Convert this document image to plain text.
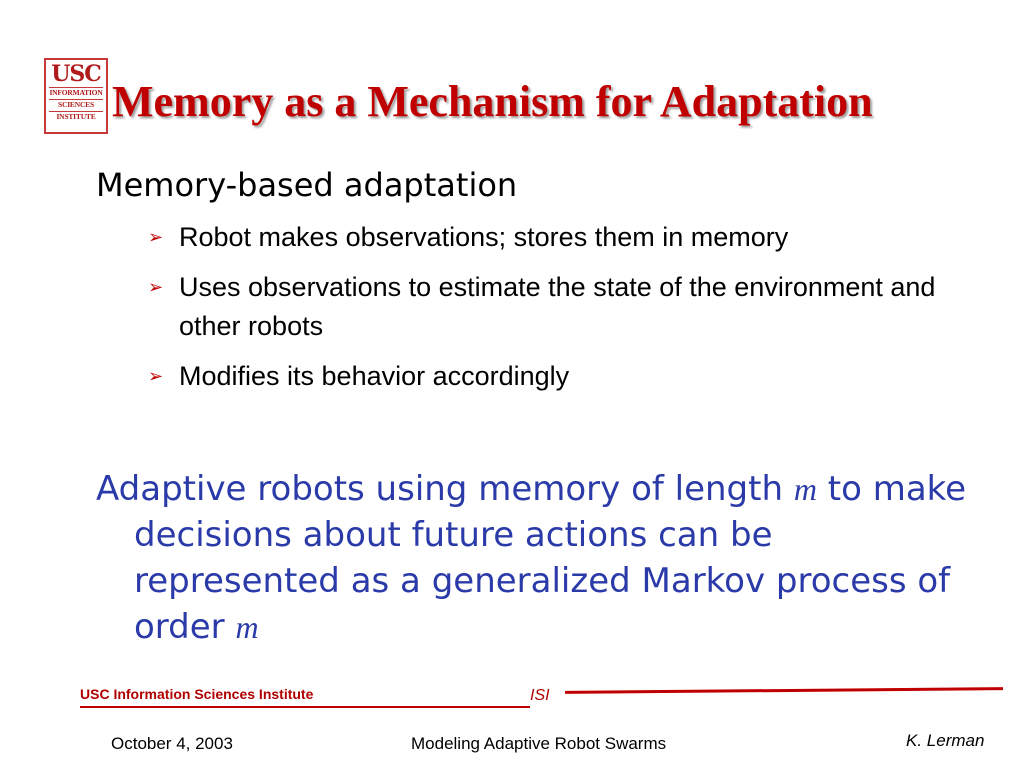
USC
INFORMATION
SCIENCES
INSTITUTE Memory as a Mechanism for Adaptation

Memory-based adaptation

➢ Robot makes observations; stores them in memory
➢ Uses observations to estimate the state of the environment and other robots
➢ Modifies its behavior accordingly

Adaptive robots using memory of length m to make decisions about future actions can be represented as a generalized Markov process of order m

USC Information Sciences Institute	ISI
October 4, 2003	Modeling Adaptive Robot Swarms	K. Lerman
